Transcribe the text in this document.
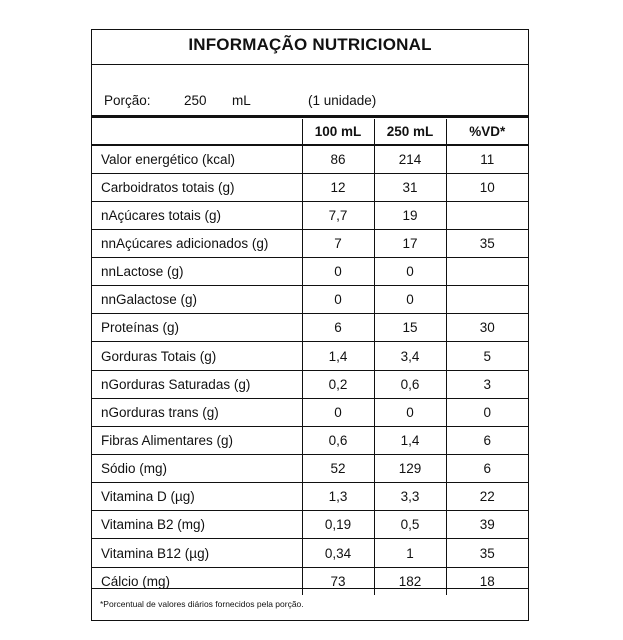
INFORMAÇÃO NUTRICIONAL
Porção: 250 mL	(1 unidade)
	100 mL	250 mL	%VD*
Valor energético (kcal)	86	214	11
Carboidratos totais (g)	12	31	10
nAçúcares totais (g)	7,7	19	
nnAçúcares adicionados (g)	7	17	35
nnLactose (g)	0	0	
nnGalactose (g)	0	0	
Proteínas (g)	6	15	30
Gorduras Totais (g)	1,4	3,4	5
nGorduras Saturadas (g)	0,2	0,6	3
nGorduras trans (g)	0	0	0
Fibras Alimentares (g)	0,6	1,4	6
Sódio (mg)	52	129	6
Vitamina D (µg)	1,3	3,3	22
Vitamina B2 (mg)	0,19	0,5	39
Vitamina B12 (µg)	0,34	1	35
Cálcio (mg)	73	182	18
*Porcentual de valores diários fornecidos pela porção.
